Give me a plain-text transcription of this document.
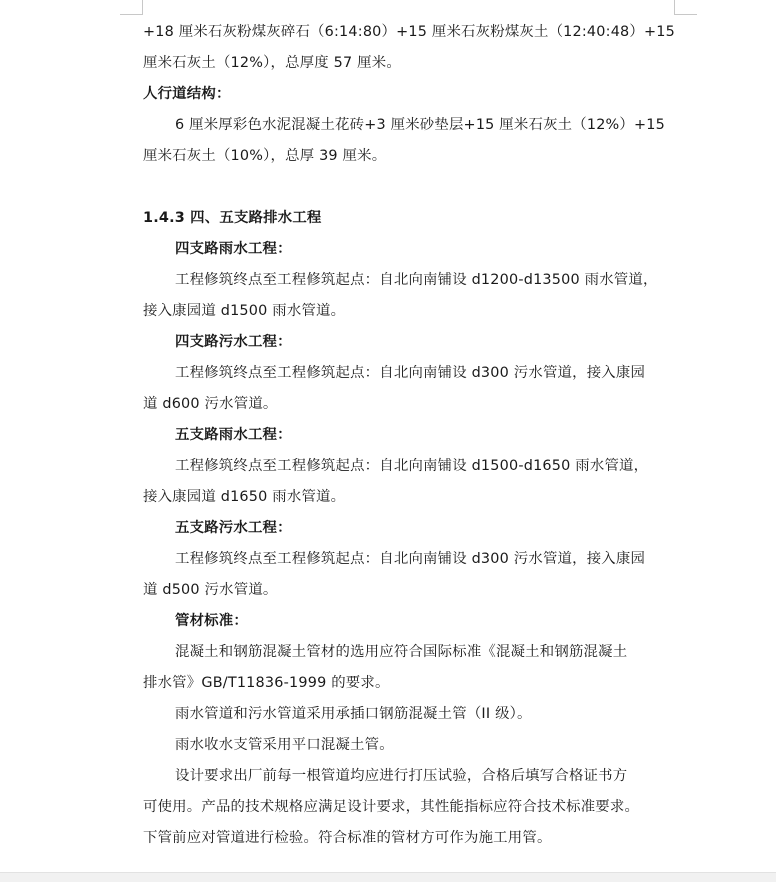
+18 厘米石灰粉煤灰碎石（6:14:80）+15 厘米石灰粉煤灰土（12:40:48）+15
厘米石灰土（12%），总厚度 57 厘米。
人行道结构：
6 厘米厚彩色水泥混凝土花砖+3 厘米砂垫层+15 厘米石灰土（12%）+15
厘米石灰土（10%），总厚 39 厘米。
1.4.3 四、五支路排水工程
四支路雨水工程：
工程修筑终点至工程修筑起点：自北向南铺设 d1200-d13500 雨水管道，
接入康园道 d1500 雨水管道。
四支路污水工程：
工程修筑终点至工程修筑起点：自北向南铺设 d300 污水管道，接入康园
道 d600 污水管道。
五支路雨水工程：
工程修筑终点至工程修筑起点：自北向南铺设 d1500-d1650 雨水管道，
接入康园道 d1650 雨水管道。
五支路污水工程：
工程修筑终点至工程修筑起点：自北向南铺设 d300 污水管道，接入康园
道 d500 污水管道。
管材标准：
混凝土和钢筋混凝土管材的选用应符合国际标准《混凝土和钢筋混凝土
排水管》GB/T11836-1999 的要求。
雨水管道和污水管道采用承插口钢筋混凝土管（II 级）。
雨水收水支管采用平口混凝土管。
设计要求出厂前每一根管道均应进行打压试验，合格后填写合格证书方
可使用。产品的技术规格应满足设计要求，其性能指标应符合技术标准要求。
下管前应对管道进行检验。符合标准的管材方可作为施工用管。
